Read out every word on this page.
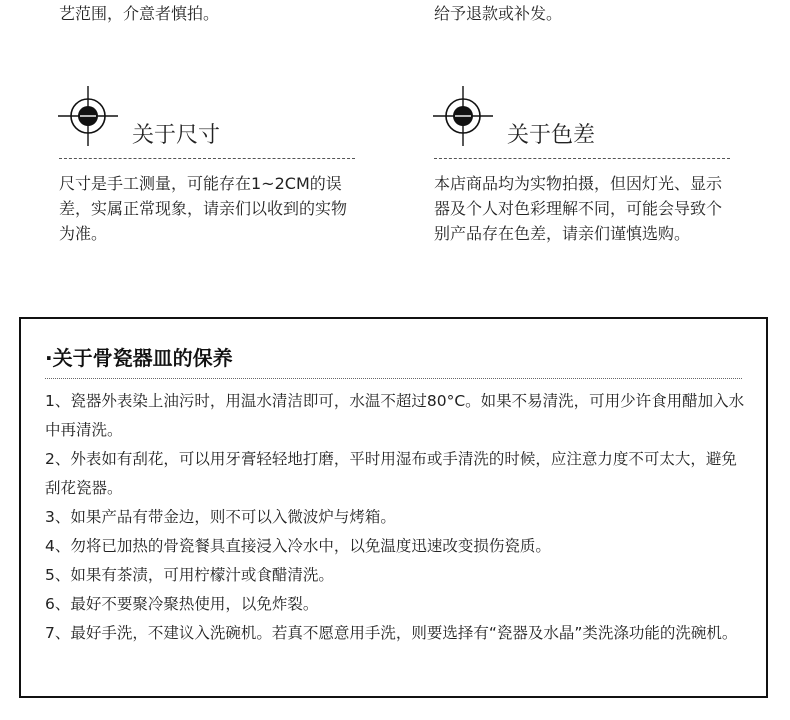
艺范围，介意者慎拍。	给予退款或补发。
关于尺寸
尺寸是手工测量，可能存在1~2CM的误差，实属正常现象，请亲们以收到的实物为准。
关于色差
本店商品均为实物拍摄，但因灯光、显示器及个人对色彩理解不同，可能会导致个别产品存在色差，请亲们谨慎选购。
·关于骨瓷器皿的保养
1、瓷器外表染上油污时，用温水清洁即可，水温不超过80°C。如果不易清洗，可用少许食用醋加入水中再清洗。
2、外表如有刮花，可以用牙膏轻轻地打磨，平时用湿布或手清洗的时候，应注意力度不可太大，避免刮花瓷器。
3、如果产品有带金边，则不可以入微波炉与烤箱。
4、勿将已加热的骨瓷餐具直接浸入冷水中，以免温度迅速改变损伤瓷质。
5、如果有茶渍，可用柠檬汁或食醋清洗。
6、最好不要聚冷聚热使用，以免炸裂。
7、最好手洗，不建议入洗碗机。若真不愿意用手洗，则要选择有“瓷器及水晶”类洗涤功能的洗碗机。
